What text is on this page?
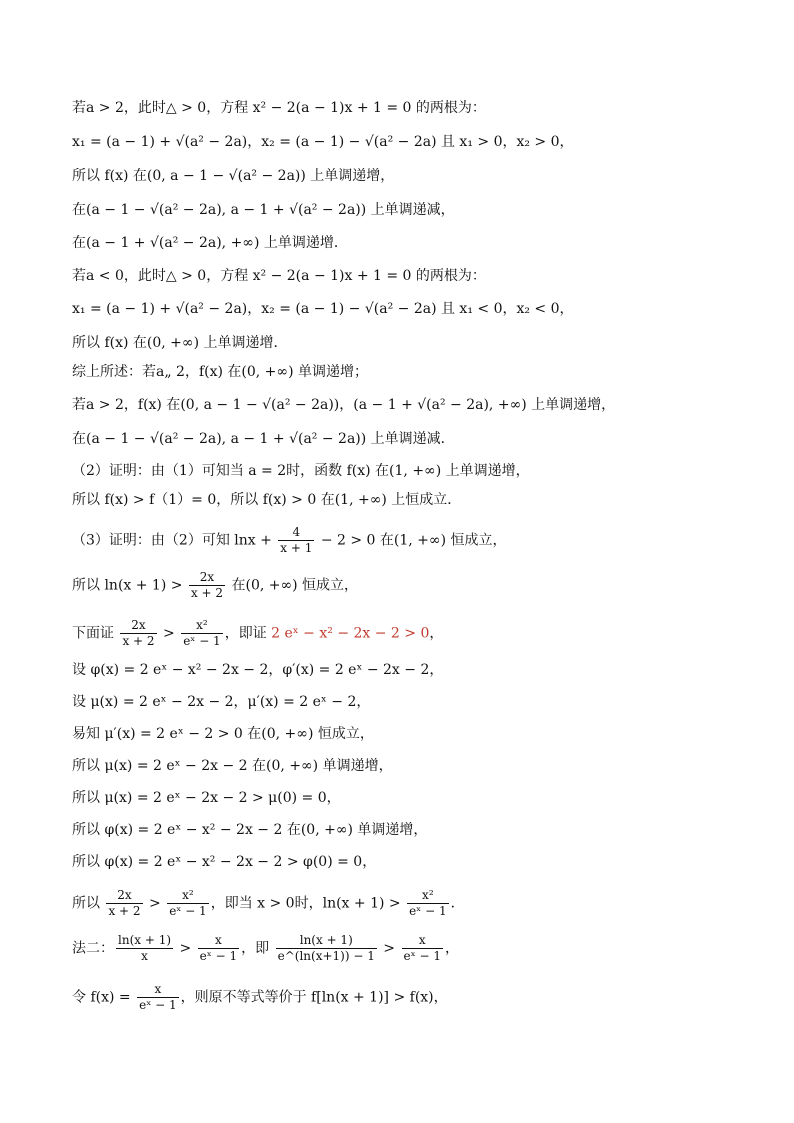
若a > 2，此时△ > 0，方程 x² − 2(a − 1)x + 1 = 0 的两根为：
x₁ = (a − 1) + √(a² − 2a)，x₂ = (a − 1) − √(a² − 2a) 且 x₁ > 0，x₂ > 0，
所以 f(x) 在(0, a − 1 − √(a² − 2a)) 上单调递增，
在(a − 1 − √(a² − 2a), a − 1 + √(a² − 2a)) 上单调递减，
在(a − 1 + √(a² − 2a), +∞) 上单调递增．
若a < 0，此时△ > 0，方程 x² − 2(a − 1)x + 1 = 0 的两根为：
x₁ = (a − 1) + √(a² − 2a)，x₂ = (a − 1) − √(a² − 2a) 且 x₁ < 0，x₂ < 0，
所以 f(x) 在(0, +∞) 上单调递增．
综上所述：若a„ 2，f(x) 在(0, +∞) 单调递增；
若a > 2，f(x) 在(0, a − 1 − √(a² − 2a))，(a − 1 + √(a² − 2a), +∞) 上单调递增，
在(a − 1 − √(a² − 2a), a − 1 + √(a² − 2a)) 上单调递减．
（2）证明：由（1）可知当 a = 2时，函数 f(x) 在(1, +∞) 上单调递增，
所以 f(x) > f（1）= 0，所以 f(x) > 0 在(1, +∞) 上恒成立．
（3）证明：由（2）可知 $\ln x + \frac{4}{x + 1} - 2 > 0$ 在(1, +∞) 恒成立，
所以 $\ln(x + 1) > \frac{2x}{x + 2}$ 在(0, +∞) 恒成立，
下面证 $\frac{2x}{x + 2} > \frac{\text{x²}}{\text{eˣ − 1}}$ ，即证 2 eˣ − x² − 2x − 2 > 0，
设 φ(x) = 2 eˣ − x² − 2x − 2，φ′(x) = 2 eˣ − 2x − 2，
设 μ(x) = 2 eˣ − 2x − 2，μ′(x) = 2 eˣ − 2，
易知 μ′(x) = 2 eˣ − 2 > 0 在(0, +∞) 恒成立，
所以 μ(x) = 2 eˣ − 2x − 2 在(0, +∞) 单调递增，
所以 μ(x) = 2 eˣ − 2x − 2 > μ(0) = 0，
所以 φ(x) = 2 eˣ − x² − 2x − 2 在(0, +∞) 单调递增，
所以 φ(x) = 2 eˣ − x² − 2x − 2 > φ(0) = 0，
所以 $\frac{2x}{x + 2} > \frac{\text{x²}}{\text{eˣ − 1}}$ ，即当 x > 0时，$\ln(x + 1) > \frac{\text{x²}}{\text{eˣ − 1}}$ ．
法二： $\frac{\ln(x + 1)}{x} > \frac{x}{\text{eˣ − 1}}$ ，即 $\frac{\ln(x + 1)}{e\^{}(\ln(x+1)) - 1} > \frac{x}{\text{eˣ − 1}}$ ，
令 $f(x) = \frac{x}{\text{eˣ − 1}}$ ，则原不等式等价于 f[ln(x + 1)] > f(x)，
